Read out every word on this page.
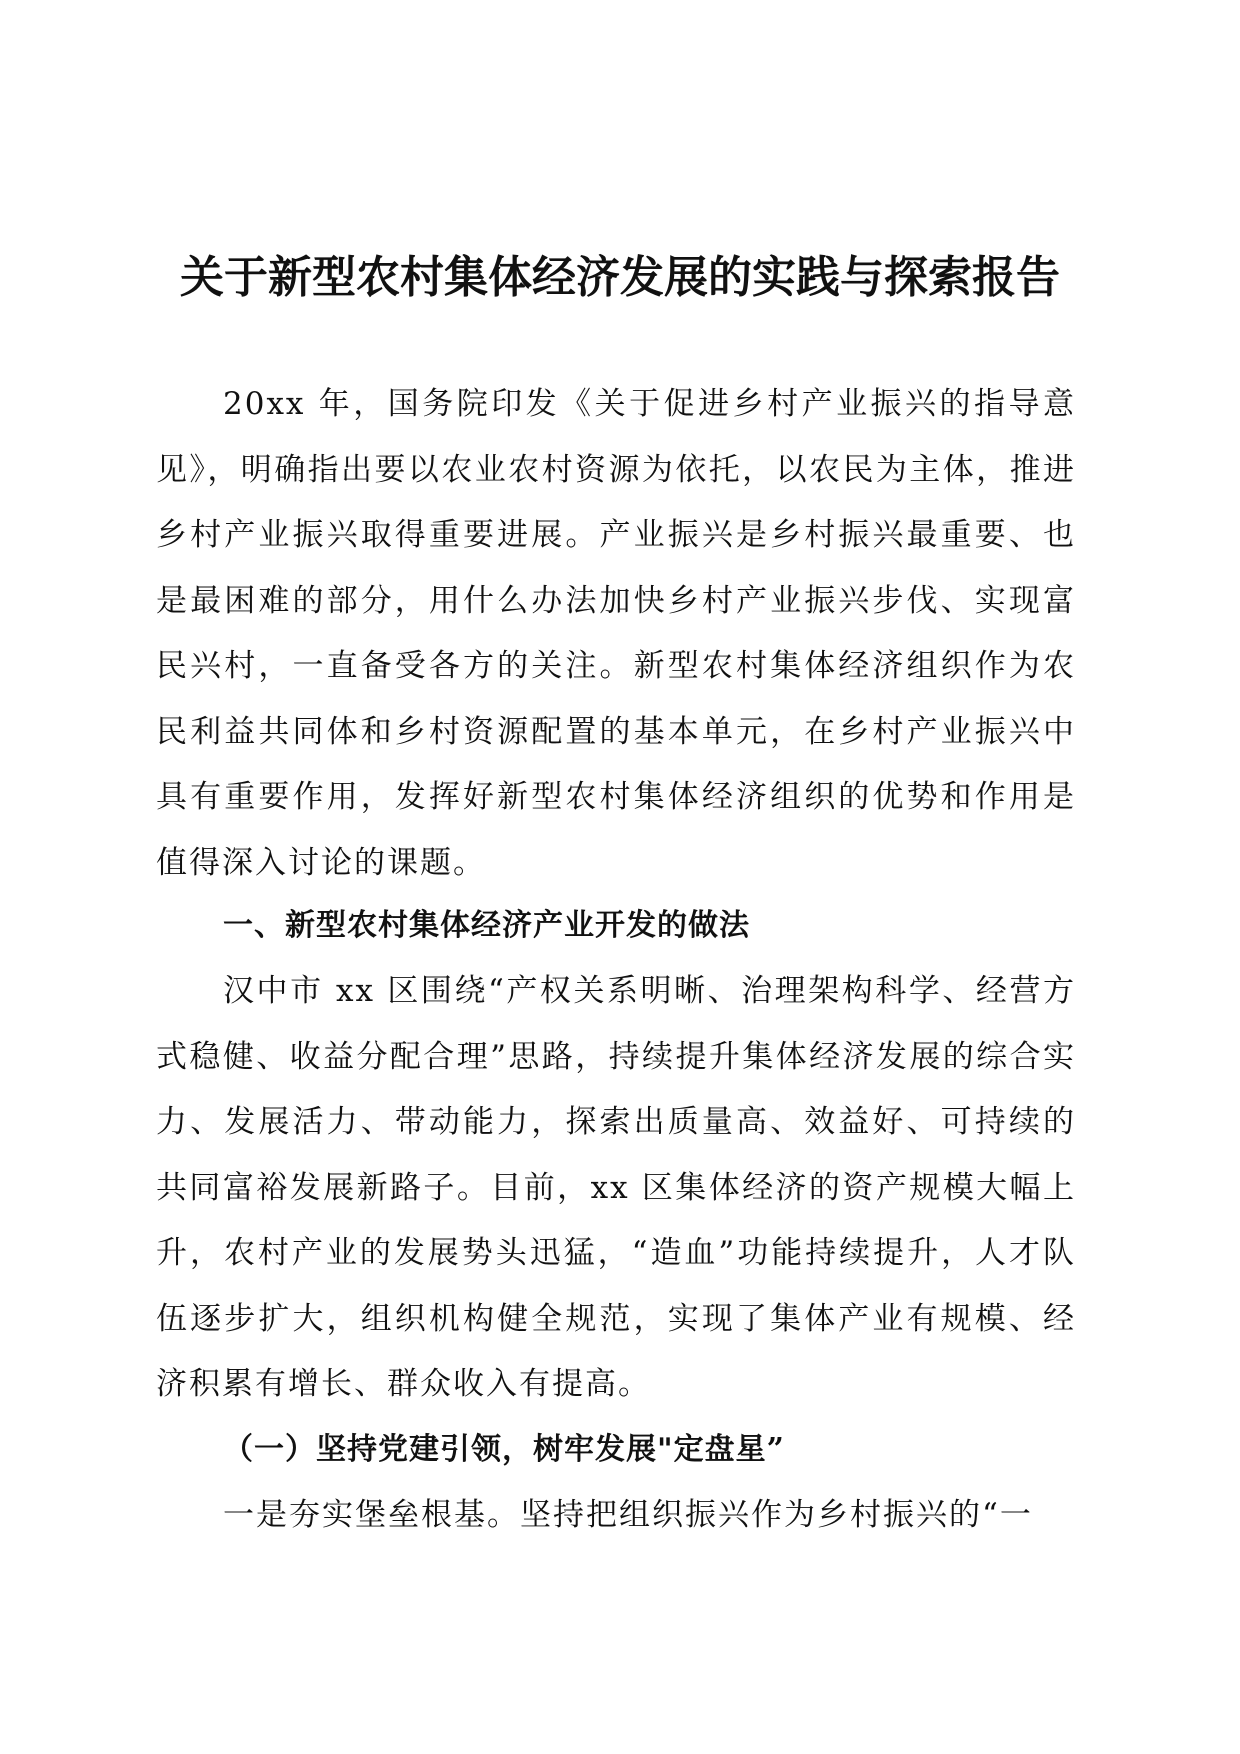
关于新型农村集体经济发展的实践与探索报告

20xx 年，国务院印发《关于促进乡村产业振兴的指导意见》，明确指出要以农业农村资源为依托，以农民为主体，推进乡村产业振兴取得重要进展。产业振兴是乡村振兴最重要、也是最困难的部分，用什么办法加快乡村产业振兴步伐、实现富民兴村，一直备受各方的关注。新型农村集体经济组织作为农民利益共同体和乡村资源配置的基本单元，在乡村产业振兴中具有重要作用，发挥好新型农村集体经济组织的优势和作用是值得深入讨论的课题。

一、新型农村集体经济产业开发的做法

汉中市 xx 区围绕“产权关系明晰、治理架构科学、经营方式稳健、收益分配合理”思路，持续提升集体经济发展的综合实力、发展活力、带动能力，探索出质量高、效益好、可持续的共同富裕发展新路子。目前，xx 区集体经济的资产规模大幅上升，农村产业的发展势头迅猛，“造血”功能持续提升，人才队伍逐步扩大，组织机构健全规范，实现了集体产业有规模、经济积累有增长、群众收入有提高。

（一）坚持党建引领，树牢发展"定盘星”

一是夯实堡垒根基。坚持把组织振兴作为乡村振兴的“一
